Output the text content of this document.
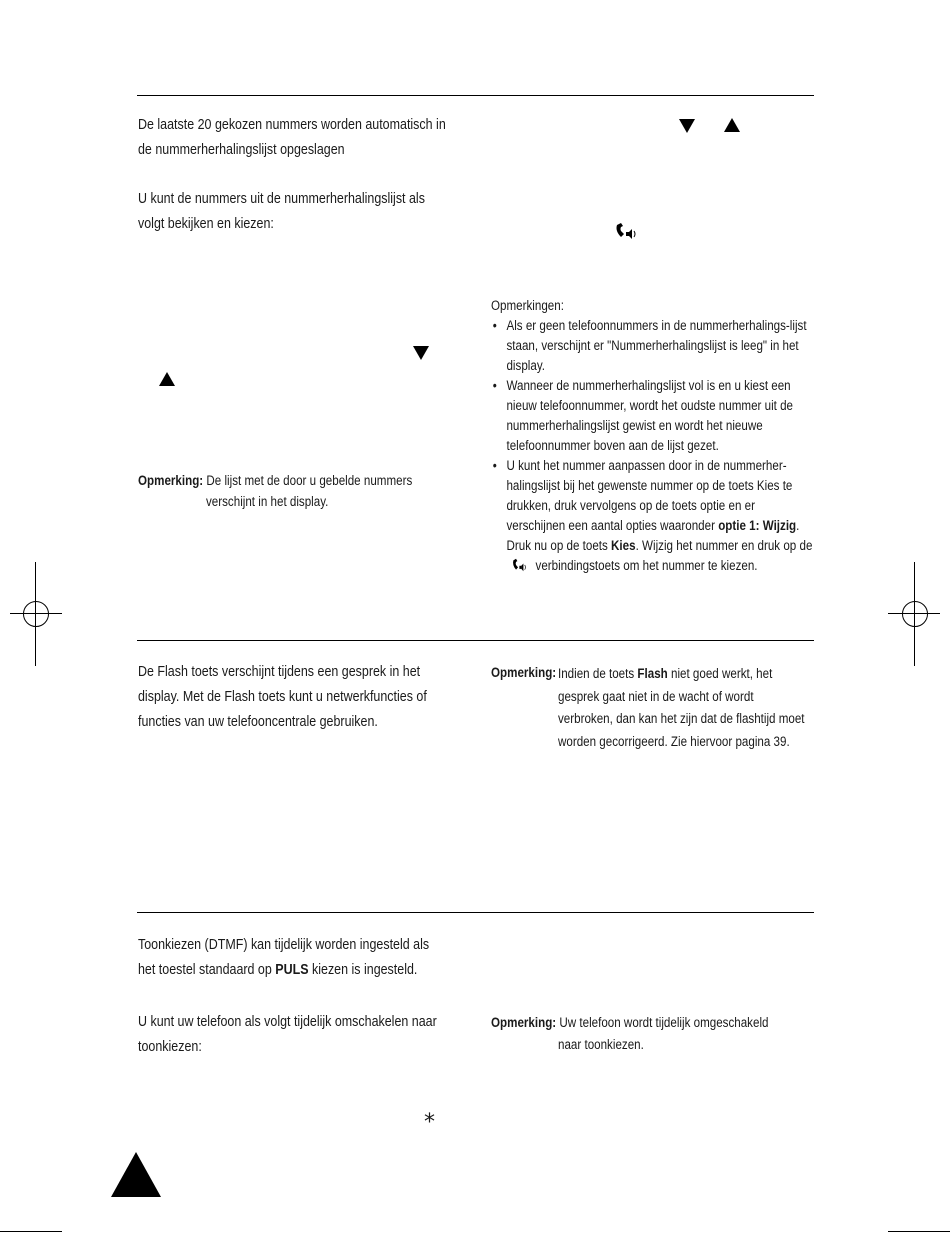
De laatste 20 gekozen nummers worden automatisch in de nummerherhalingslijst opgeslagen
U kunt de nummers uit de nummerherhalingslijst als volgt bekijken en kiezen:
Opmerking: De lijst met de door u gebelde nummers
verschijnt in het display.
Opmerkingen:
• Als er geen telefoonnummers in de nummerherhalings-lijst staan, verschijnt er "Nummerherhalingslijst is leeg" in het display.
• Wanneer de nummerherhalingslijst vol is en u kiest een nieuw telefoonnummer, wordt het oudste nummer uit de nummerherhalingslijst gewist en wordt het nieuwe telefoonnummer boven aan de lijst gezet.
• U kunt het nummer aanpassen door in de nummerher-halingslijst bij het gewenste nummer op de toets Kies te drukken, druk vervolgens op de toets optie en er verschijnen een aantal opties waaronder optie 1: Wijzig. Druk nu op de toets Kies. Wijzig het nummer en druk op de  verbindingstoets om het nummer te kiezen.
De Flash toets verschijnt tijdens een gesprek in het display. Met de Flash toets kunt u netwerkfuncties of functies van uw telefooncentrale gebruiken.
Opmerking: Indien de toets Flash niet goed werkt, het gesprek gaat niet in de wacht of wordt verbroken, dan kan het zijn dat de flashtijd moet worden gecorrigeerd. Zie hiervoor pagina 39.
Toonkiezen (DTMF) kan tijdelijk worden ingesteld als het toestel standaard op PULS kiezen is ingesteld.
U kunt uw telefoon als volgt tijdelijk omschakelen naar toonkiezen:
*
Opmerking: Uw telefoon wordt tijdelijk omgeschakeld
naar toonkiezen.
